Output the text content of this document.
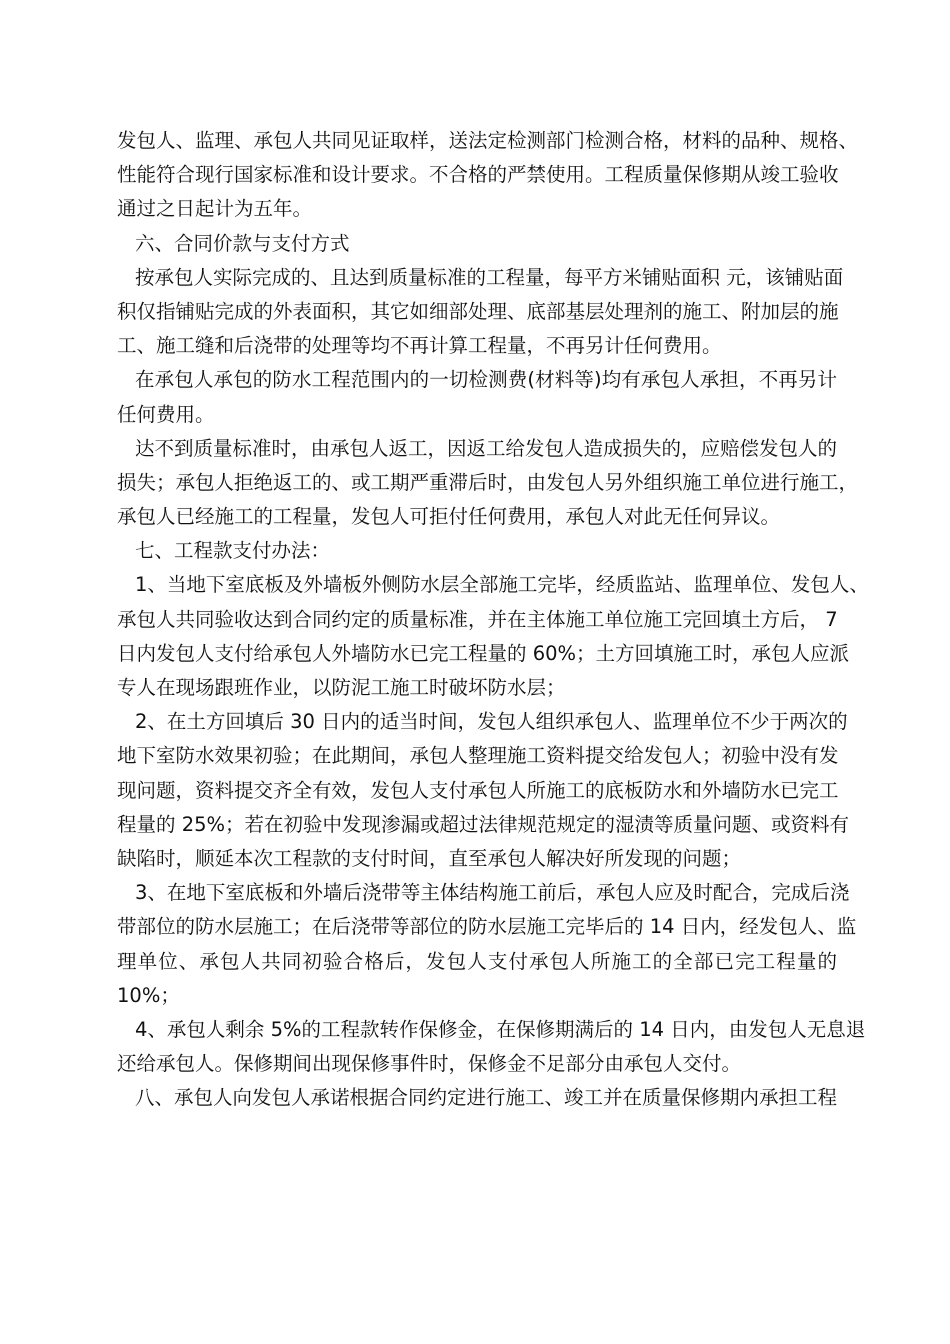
发包人、监理、承包人共同见证取样，送法定检测部门检测合格，材料的品种、规格、
性能符合现行国家标准和设计要求。不合格的严禁使用。工程质量保修期从竣工验收
通过之日起计为五年。
六、合同价款与支付方式
按承包人实际完成的、且达到质量标准的工程量，每平方米铺贴面积 元，该铺贴面
积仅指铺贴完成的外表面积，其它如细部处理、底部基层处理剂的施工、附加层的施
工、施工缝和后浇带的处理等均不再计算工程量，不再另计任何费用。
在承包人承包的防水工程范围内的一切检测费(材料等)均有承包人承担，不再另计
任何费用。
达不到质量标准时，由承包人返工，因返工给发包人造成损失的，应赔偿发包人的
损失；承包人拒绝返工的、或工期严重滞后时，由发包人另外组织施工单位进行施工，
承包人已经施工的工程量，发包人可拒付任何费用，承包人对此无任何异议。
七、工程款支付办法：
1、当地下室底板及外墙板外侧防水层全部施工完毕，经质监站、监理单位、发包人、
承包人共同验收达到合同约定的质量标准，并在主体施工单位施工完回填土方后， 7
日内发包人支付给承包人外墙防水已完工程量的 60%；土方回填施工时，承包人应派
专人在现场跟班作业，以防泥工施工时破坏防水层；
2、在土方回填后 30 日内的适当时间，发包人组织承包人、监理单位不少于两次的
地下室防水效果初验；在此期间，承包人整理施工资料提交给发包人；初验中没有发
现问题，资料提交齐全有效，发包人支付承包人所施工的底板防水和外墙防水已完工
程量的 25%；若在初验中发现渗漏或超过法律规范规定的湿渍等质量问题、或资料有
缺陷时，顺延本次工程款的支付时间，直至承包人解决好所发现的问题；
3、在地下室底板和外墙后浇带等主体结构施工前后，承包人应及时配合，完成后浇
带部位的防水层施工；在后浇带等部位的防水层施工完毕后的 14 日内，经发包人、监
理单位、承包人共同初验合格后，发包人支付承包人所施工的全部已完工程量的
10%；
4、承包人剩余 5%的工程款转作保修金，在保修期满后的 14 日内，由发包人无息退
还给承包人。保修期间出现保修事件时，保修金不足部分由承包人交付。
八、承包人向发包人承诺根据合同约定进行施工、竣工并在质量保修期内承担工程
